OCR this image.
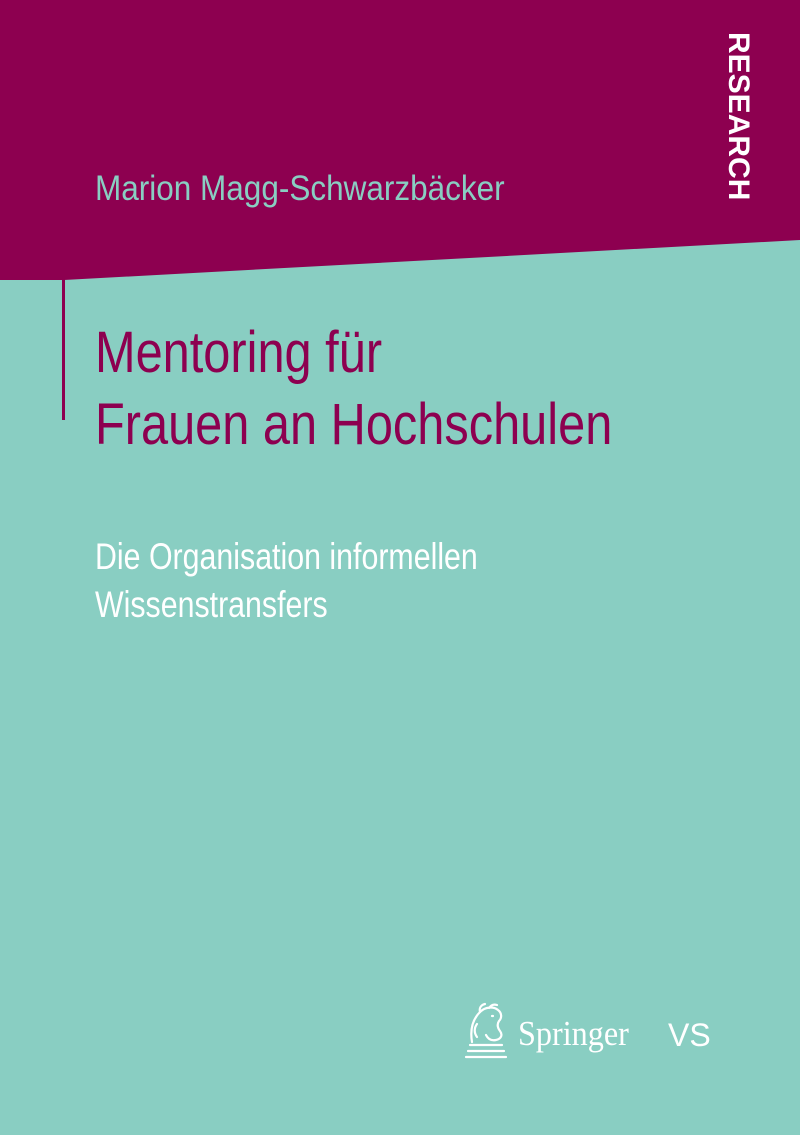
Marion Magg-Schwarzbäcker	RESEARCH
Mentoring für
Frauen an Hochschulen
Die Organisation informellen
Wissenstransfers
Springer VS
